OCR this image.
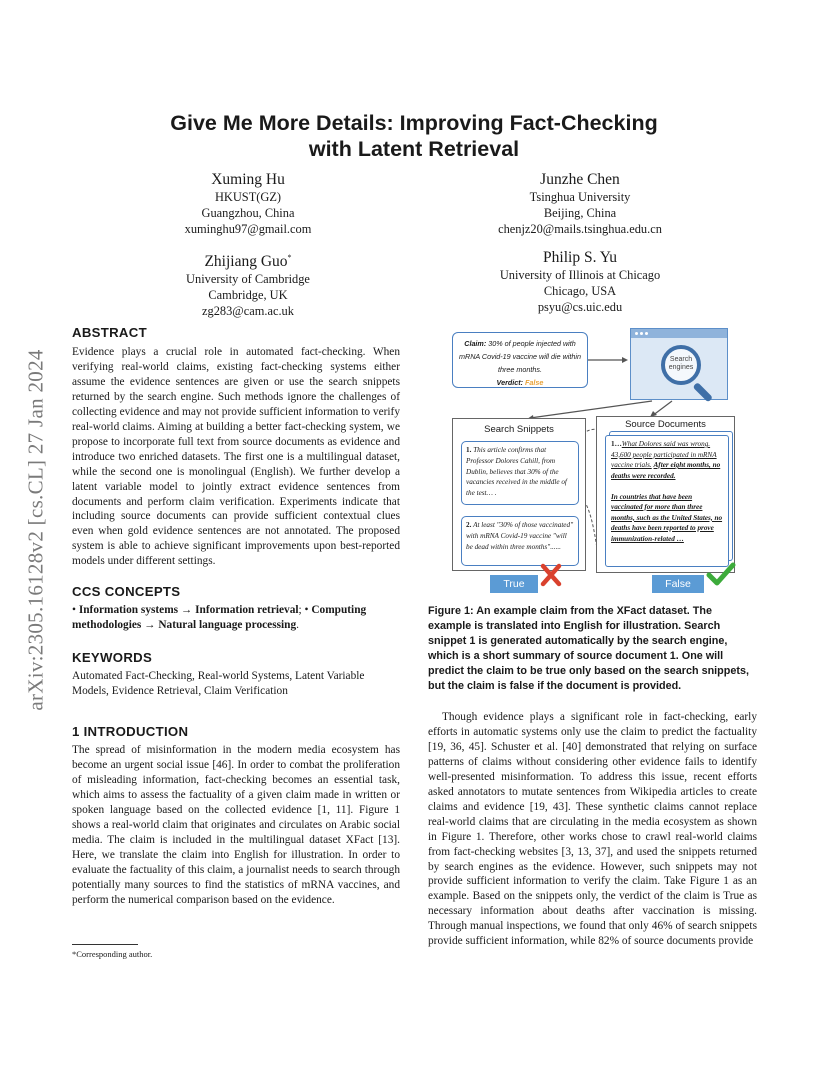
arXiv:2305.16128v2 [cs.CL] 27 Jan 2024
Give Me More Details: Improving Fact-Checking
with Latent Retrieval
Xuming Hu
HKUST(GZ)
Guangzhou, China
xuminghu97@gmail.com
Junzhe Chen
Tsinghua University
Beijing, China
chenjz20@mails.tsinghua.edu.cn
Zhijiang Guo*
University of Cambridge
Cambridge, UK
zg283@cam.ac.uk
Philip S. Yu
University of Illinois at Chicago
Chicago, USA
psyu@cs.uic.edu
ABSTRACT

Evidence plays a crucial role in automated fact-checking. When verifying real-world claims, existing fact-checking systems either assume the evidence sentences are given or use the search snippets returned by the search engine. Such methods ignore the challenges of collecting evidence and may not provide sufficient information to verify real-world claims. Aiming at building a better fact-checking system, we propose to incorporate full text from source documents as evidence and introduce two enriched datasets. The first one is a multilingual dataset, while the second one is monolingual (English). We further develop a latent variable model to jointly extract evidence sentences from documents and perform claim verification. Experiments indicate that including source documents can provide sufficient contextual clues even when gold evidence sentences are not annotated. The proposed system is able to achieve significant improvements upon best-reported models under different settings.

CCS CONCEPTS

• Information systems → Information retrieval; • Computing methodologies → Natural language processing.

KEYWORDS

Automated Fact-Checking, Real-world Systems, Latent Variable Models, Evidence Retrieval, Claim Verification

1 INTRODUCTION

The spread of misinformation in the modern media ecosystem has become an urgent social issue [46]. In order to combat the proliferation of misleading information, fact-checking becomes an essential task, which aims to assess the factuality of a given claim made in written or spoken language based on the collected evidence [1, 11]. Figure 1 shows a real-world claim that originates and circulates on Arabic social media. The claim is included in the multilingual dataset XFact [13]. Here, we translate the claim into English for illustration. In order to evaluate the factuality of this claim, a journalist needs to search through potentially many sources to find the statistics of mRNA vaccines, and perform the numerical comparison based on the evidence.

*Corresponding author.
Claim: 30% of people injected with mRNA Covid-19 vaccine will die within three months.
Verdict: False
Search engines
Search Snippets
1. This article confirms that Professor Dolores Cahill, from Dublin, believes that 30% of the vacancies received in the middle of the test… .
2. At least "30% of those vaccinated" with mRNA Covid-19 vaccine "will be dead within three months"......
Source Documents
1…What Dolores said was wrong. 43,600 people participated in mRNA vaccine trials. After eight months, no deaths were recorded.

In countries that have been vaccinated for more than three months, such as the United States, no deaths have been reported to prove immunization-related …
True	False

Figure 1: An example claim from the XFact dataset. The example is translated into English for illustration. Search snippet 1 is generated automatically by the search engine, which is a short summary of source document 1. One will predict the claim to be true only based on the search snippets, but the claim is false if the document is provided.

Though evidence plays a significant role in fact-checking, early efforts in automatic systems only use the claim to predict the factuality [19, 36, 45]. Schuster et al. [40] demonstrated that relying on surface patterns of claims without considering other evidence fails to identify well-presented misinformation. To address this issue, recent efforts asked annotators to mutate sentences from Wikipedia articles to create claims and evidence [19, 43]. These synthetic claims cannot replace real-world claims that are circulating in the media ecosystem as shown in Figure 1. Therefore, other works chose to crawl real-world claims from fact-checking websites [3, 13, 37], and used the snippets returned by search engines as the evidence. However, such snippets may not provide sufficient information to verify the claim. Take Figure 1 as an example. Based on the snippets only, the verdict of the claim is True as necessary information about deaths after vaccination is missing. Through manual inspections, we found that only 46% of search snippets provide sufficient information, while 82% of source documents provide
